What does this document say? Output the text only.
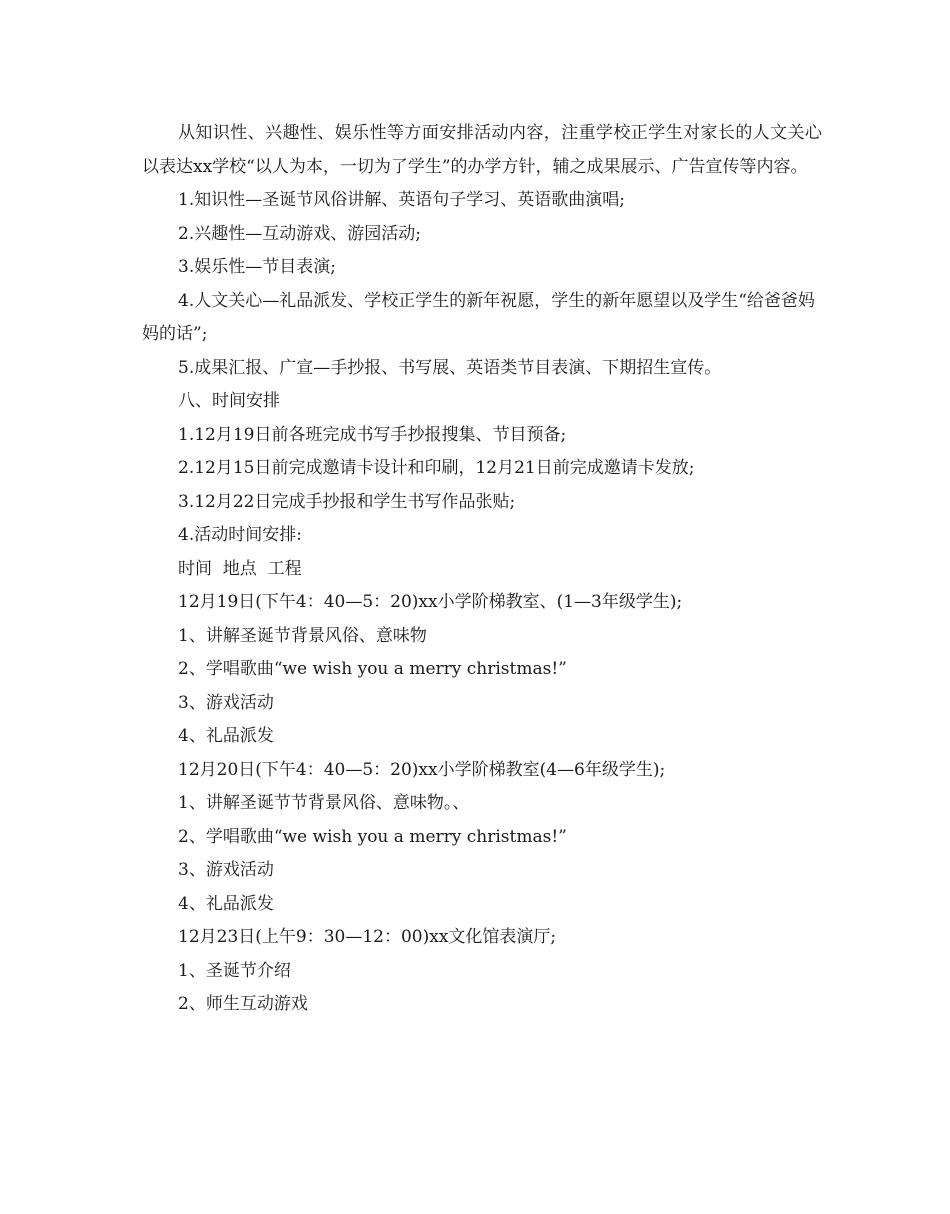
从知识性、兴趣性、娱乐性等方面安排活动内容，注重学校正学生对家长的人文关心以表达xx学校“以人为本，一切为了学生”的办学方针，辅之成果展示、广告宣传等内容。

1.知识性—圣诞节风俗讲解、英语句子学习、英语歌曲演唱;

2.兴趣性—互动游戏、游园活动;

3.娱乐性—节目表演;

4.人文关心—礼品派发、学校正学生的新年祝愿，学生的新年愿望以及学生“给爸爸妈妈的话”;

5.成果汇报、广宣—手抄报、书写展、英语类节目表演、下期招生宣传。

八、时间安排

1.12月19日前各班完成书写手抄报搜集、节目预备;

2.12月15日前完成邀请卡设计和印刷，12月21日前完成邀请卡发放;

3.12月22日完成手抄报和学生书写作品张贴;

4.活动时间安排:

时间  地点  工程

12月19日(下午4：40—5：20)xx小学阶梯教室、(1—3年级学生);

1、讲解圣诞节背景风俗、意味物

2、学唱歌曲“we wish you a merry christmas!”

3、游戏活动

4、礼品派发

12月20日(下午4：40—5：20)xx小学阶梯教室(4—6年级学生);

1、讲解圣诞节节背景风俗、意味物。、

2、学唱歌曲“we wish you a merry christmas!”

3、游戏活动

4、礼品派发

12月23日(上午9：30—12：00)xx文化馆表演厅;

1、圣诞节介绍

2、师生互动游戏
